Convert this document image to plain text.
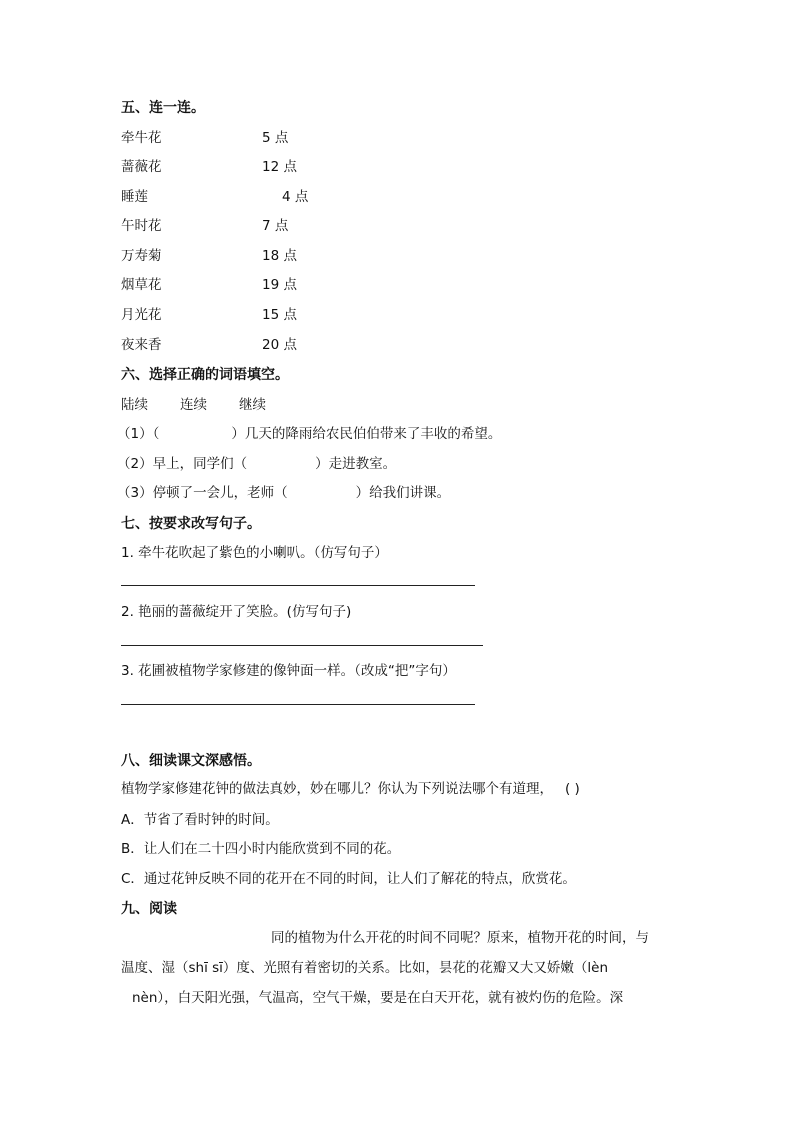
五、连一连。
牵牛花	5 点
蔷薇花	12 点
睡莲	4 点
午时花	7 点
万寿菊	18 点
烟草花	19 点
月光花	15 点
夜来香	20 点
六、选择正确的词语填空。
陆续 连续 继续
（1）（	）几天的降雨给农民伯伯带来了丰收的希望。
（2）早上，同学们（	）走进教室。
（3）停顿了一会儿，老师（	）给我们讲课。
七、按要求改写句子。
1. 牵牛花吹起了紫色的小喇叭。（仿写句子）
2. 艳丽的蔷薇绽开了笑脸。(仿写句子)
3. 花圃被植物学家修建的像钟面一样。（改成“把”字句）
八、细读课文深感悟。
植物学家修建花钟的做法真妙，妙在哪儿？你认为下列说法哪个有道理， ( )
A．节省了看时钟的时间。
B．让人们在二十四小时内能欣赏到不同的花。
C．通过花钟反映不同的花开在不同的时间，让人们了解花的特点，欣赏花。
九、阅读
同的植物为什么开花的时间不同呢？原来，植物开花的时间，与
温度、湿（shī sī）度、光照有着密切的关系。比如，昙花的花瓣又大又娇嫩（lèn
nèn），白天阳光强，气温高，空气干燥，要是在白天开花，就有被灼伤的危险。深
